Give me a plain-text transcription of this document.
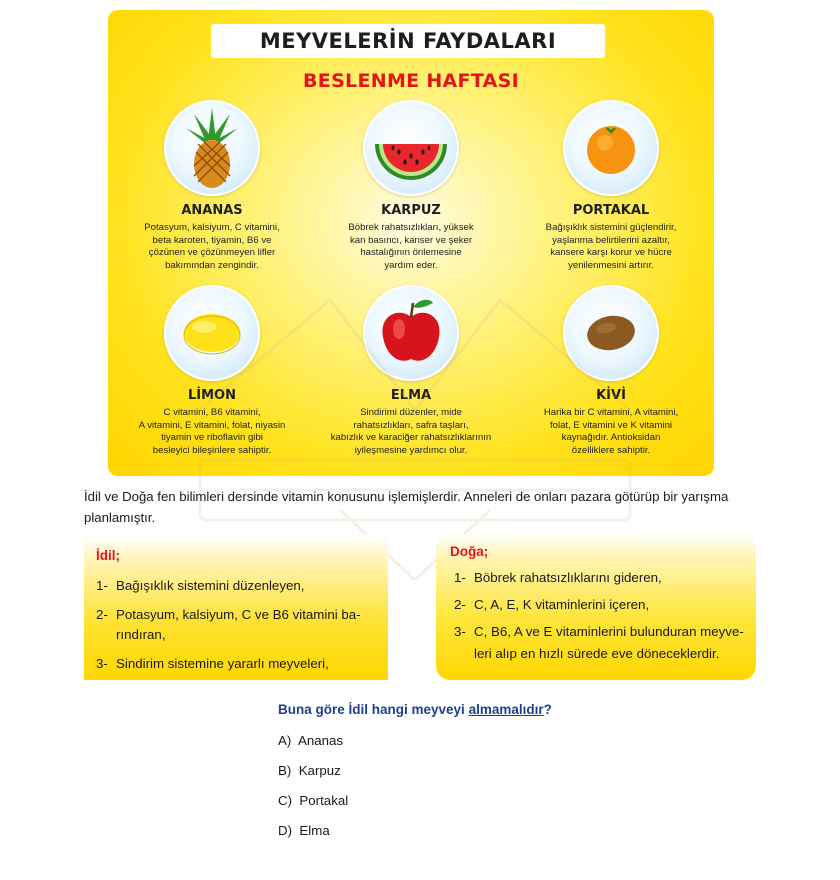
MEYVELERİN FAYDALARI
BESLENME HAFTASI
ANANAS
Potasyum, kalsiyum, C vitamini,
beta karoten, tiyamin, B6 ve
çözünen ve çözünmeyen lifler
bakımından zengindir.
KARPUZ
Böbrek rahatsızlıkları, yüksek
kan basıncı, kanser ve şeker
hastalığının önlemesine
yardım eder.
PORTAKAL
Bağışıklık sistemini güçlendirir,
yaşlanma belirtilerini azaltır,
kansere karşı korur ve hücre
yenilenmesini artırır.
LİMON
C vitamini, B6 vitamini,
A vitamini, E vitamini, folat, niyasin
tiyamin ve riboflavin gibi
besleyici bileşinlere sahiptir.
ELMA
Sindirimi düzenler, mide
rahatsızlıkları, safra taşları,
kabızlık ve karaciğer rahatsızlıklarının
iyileşmesine yardımcı olur.
KİVİ
Harika bir C vitamini, A vitamini,
folat, E vitamini ve K vitamini
kaynağıdır. Antioksidan
özelliklere sahiptir.
İdil ve Doğa fen bilimleri dersinde vitamin konusunu işlemişlerdir. Anneleri de onları pazara götürüp bir yarışma
planlamıştır.
İdil;
1- Bağışıklık sistemini düzenleyen,
2- Potasyum, kalsiyum, C ve B6 vitamini ba-
rındıran,
3- Sindirim sistemine yararlı meyveleri,
Doğa;
1- Böbrek rahatsızlıklarını gideren,
2- C, A, E, K vitaminlerini içeren,
3- C, B6, A ve E vitaminlerini bulunduran meyve-
leri alıp en hızlı sürede eve döneceklerdir.
Buna göre İdil hangi meyveyi almamalıdır?
A) Ananas
B) Karpuz
C) Portakal
D) Elma
